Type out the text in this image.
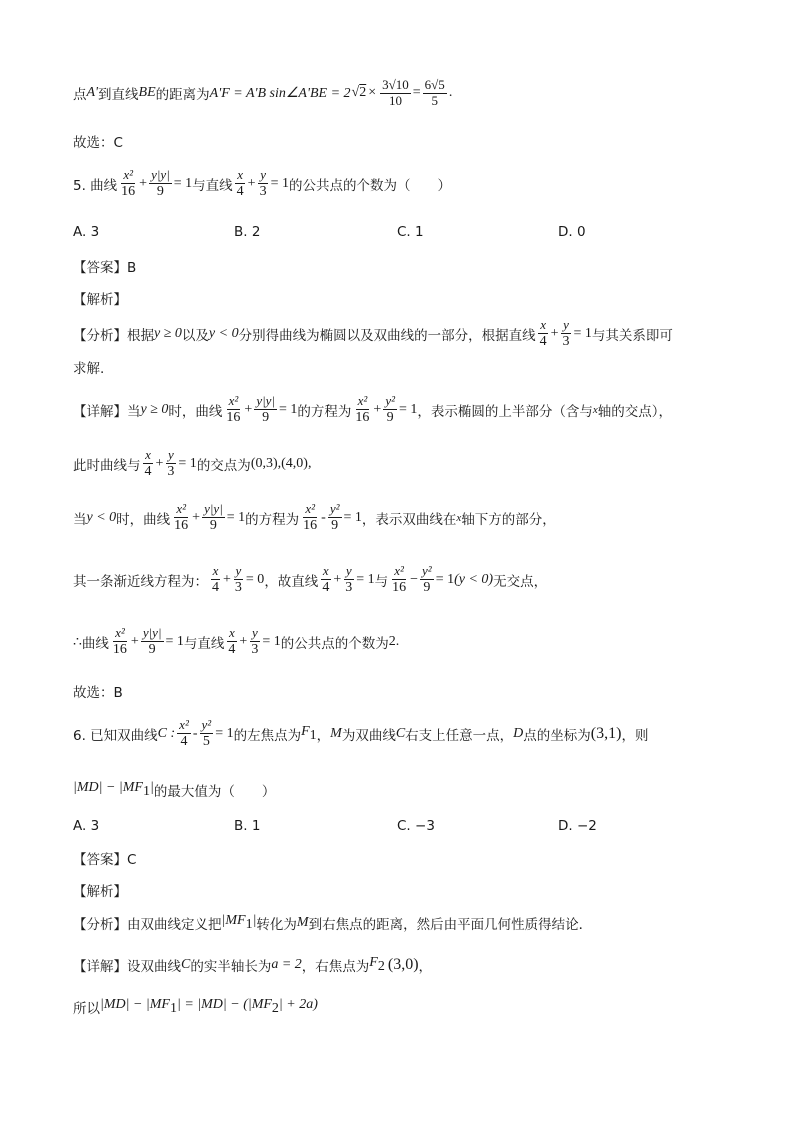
点 A' 到直线 BE 的距离为 A'F = A'B sin∠A'BE = 2 $√2 \times \frac{3√10}{10} = \frac{6√5}{5}$ .
故选：C
5. 曲线 $\frac{\text{x²}}{16} + \frac{y|y|}{9} = 1$ 与直线 $\frac{x}{4} + \frac{y}{3} = 1$ 的公共点的个数为（　　）
A. 3	B. 2	C. 1	D. 0
【答案】B
【解析】
【分析】 根据 y ≥ 0 以及 y < 0 分别得曲线为椭圆以及双曲线的一部分，根据直线 $\frac{x}{4} + \frac{y}{3} = 1$ 与其关系即可
求解.
【详解】 当 y ≥ 0 时，曲线 $\frac{\text{x²}}{16} + \frac{y|y|}{9} = 1$ 的方程为 $\frac{\text{x²}}{16} + \frac{\text{y²}}{9} = 1$ ，表示椭圆的上半部分（含与 x 轴的交点），
此时曲线与 $\frac{x}{4} + \frac{y}{3} = 1$ 的交点为 (0,3),(4,0),
当 y < 0 时，曲线 $\frac{\text{x²}}{16} + \frac{y|y|}{9} = 1$ 的方程为 $\frac{\text{x²}}{16} - \frac{\text{y²}}{9} = 1$ ，表示双曲线在 x 轴下方的部分，
其一条渐近线方程为： $\frac{x}{4} + \frac{y}{3} = 0$ ，故直线 $\frac{x}{4} + \frac{y}{3} = 1$ 与 $\frac{\text{x²}}{16} - \frac{\text{y²}}{9} = 1$ (y < 0) 无交点，
∴ 曲线 $\frac{\text{x²}}{16} + \frac{y|y|}{9} = 1$ 与直线 $\frac{x}{4} + \frac{y}{3} = 1$ 的公共点的个数为 2 .
故选：B
6. 已知双曲线 C : $\frac{\text{x²}}{4} - \frac{\text{y²}}{5} = 1$ 的左焦点为 $F_1$ ， M 为双曲线 C 右支上任意一点， D 点的坐标为 (3,1) ，则
$|MD| - |MF_1|$ 的最大值为（　　）
A. 3	B. 1	C. −3	D. −2
【答案】C
【解析】
【分析】 由双曲线定义把 $|MF_1|$ 转化为 M 到右焦点的距离，然后由平面几何性质得结论．
【详解】 设双曲线 C 的实半轴长为 a = 2 ，右焦点为 $F_2$ (3,0) ，
所以 $|MD| - |MF_1| = |MD| - (|MF_2| + 2a)$
